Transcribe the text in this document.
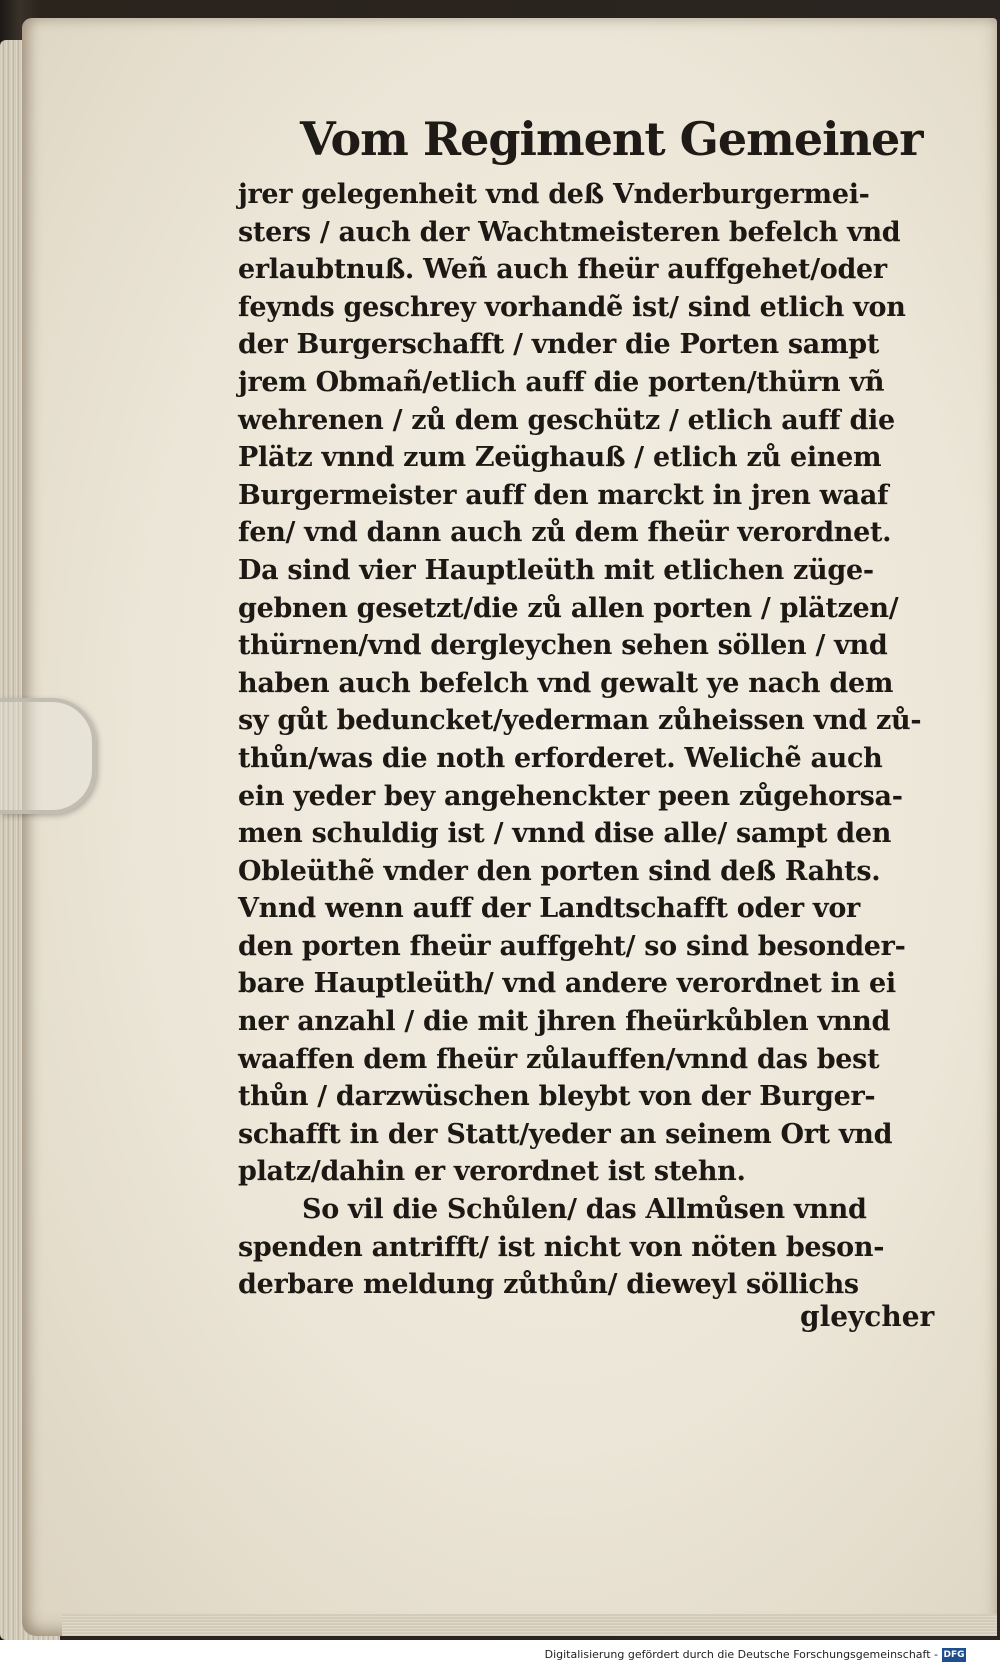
Vom Regiment Gemeiner
jrer gelegenheit vnd deß Vnderburgermei-
sters / auch der Wachtmeisteren befelch vnd
erlaubtnuß. Weñ auch fheür auffgehet/oder
feynds geschrey vorhandẽ ist/ sind etlich von
der Burgerschafft / vnder die Porten sampt
jrem Obmañ/etlich auff die porten/thürn vñ
wehrenen / zů dem geschütz / etlich auff die
Plätz vnnd zum Zeüghauß / etlich zů einem
Burgermeister auff den marckt in jren waaf
fen/ vnd dann auch zů dem fheür verordnet.
Da sind vier Hauptleüth mit etlichen züge-
gebnen gesetzt/die zů allen porten / plätzen/
thürnen/vnd dergleychen sehen söllen / vnd
haben auch befelch vnd gewalt ye nach dem
sy gůt beduncket/yederman zůheissen vnd zů-
thůn/was die noth erforderet. Welichẽ auch
ein yeder bey angehenckter peen zůgehorsa-
men schuldig ist / vnnd dise alle/ sampt den
Obleüthẽ vnder den porten sind deß Rahts.
Vnnd wenn auff der Landtschafft oder vor
den porten fheür auffgeht/ so sind besonder-
bare Hauptleüth/ vnd andere verordnet in ei
ner anzahl / die mit jhren fheürkůblen vnnd
waaffen dem fheür zůlauffen/vnnd das best
thůn / darzwüschen bleybt von der Burger-
schafft in der Statt/yeder an seinem Ort vnd
platz/dahin er verordnet ist stehn.
So vil die Schůlen/ das Allmůsen vnnd
spenden antrifft/ ist nicht von nöten beson-
derbare meldung zůthůn/ dieweyl söllichs
gleycher
Digitalisierung gefördert durch die Deutsche Forschungsgemeinschaft - DFG
